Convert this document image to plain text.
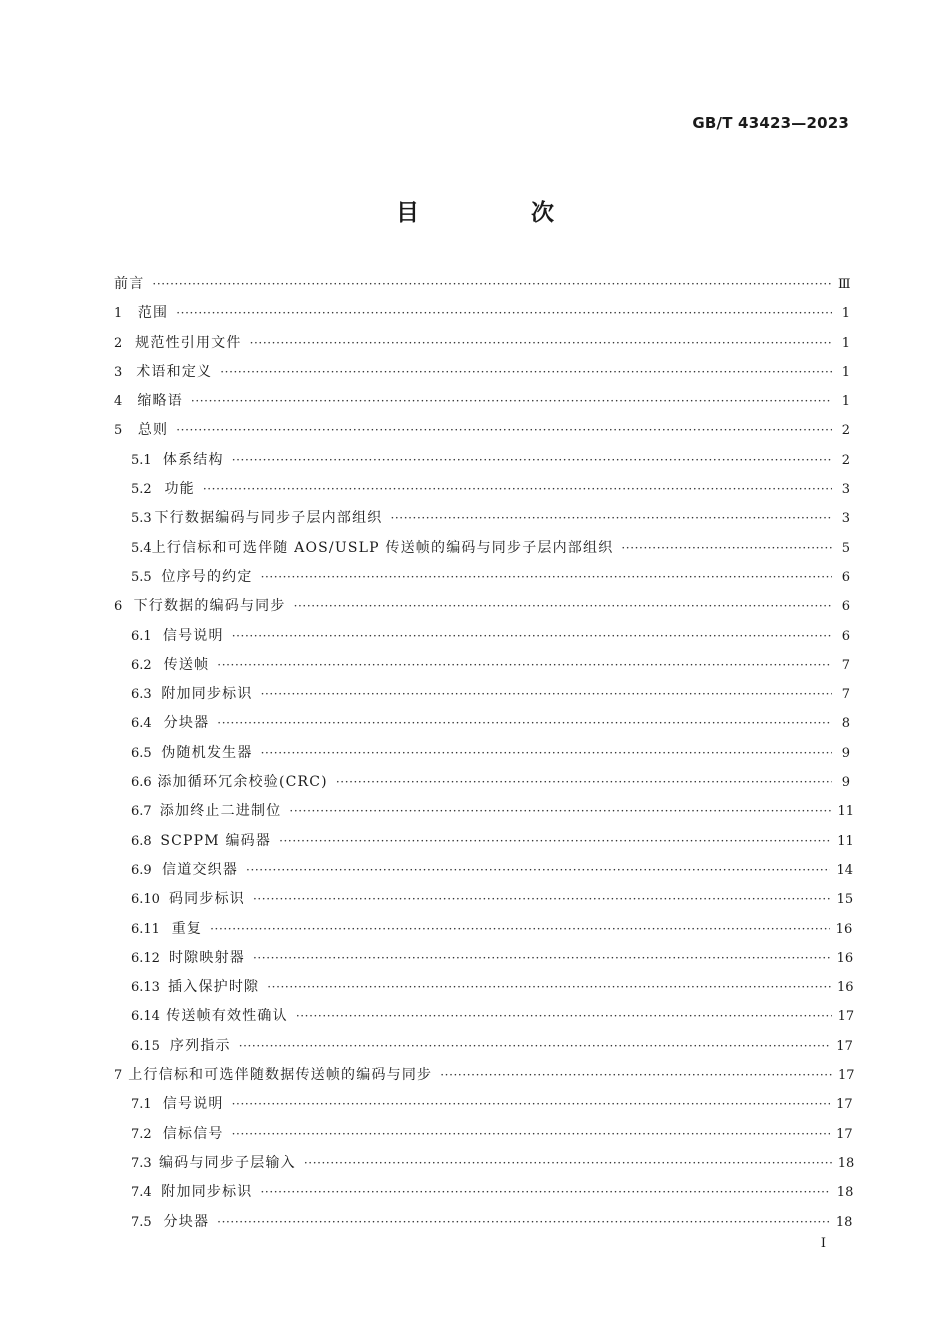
GB/T 43423—2023
目 次
前言 ·····	Ⅲ
1	范围 ·····	1
2 规范性引用文件 ·····	1
3 术语和定义 ·····	1
4	缩略语 ·····	1
5	总则 ·····	2
5.1 体系结构 ·····	2
5.2 功能 ·····	3
5.3 下行数据编码与同步子层内部组织 ·····	3
5.4 上行信标和可选伴随 AOS/USLP 传送帧的编码与同步子层内部组织 ·····	5
5.5 位序号的约定 ·····	6
6 下行数据的编码与同步 ·····	6
6.1 信号说明 ·····	6
6.2 传送帧 ·····	7
6.3 附加同步标识 ·····	7
6.4 分块器 ·····	8
6.5 伪随机发生器 ·····	9
6.6 添加循环冗余校验(CRC) ·····	9
6.7 添加终止二进制位 ·····	11
6.8 SCPPM 编码器 ·····	11
6.9 信道交织器 ·····	14
6.10 码同步标识 ·····	15
6.11 重复 ·····	16
6.12 时隙映射器 ·····	16
6.13 插入保护时隙 ·····	16
6.14 传送帧有效性确认 ·····	17
6.15 序列指示 ·····	17
7 上行信标和可选伴随数据传送帧的编码与同步 ·····	17
7.1 信号说明 ·····	17
7.2 信标信号 ·····	17
7.3 编码与同步子层输入 ·····	18
7.4 附加同步标识 ·····	18
7.5 分块器 ·····	18
I
